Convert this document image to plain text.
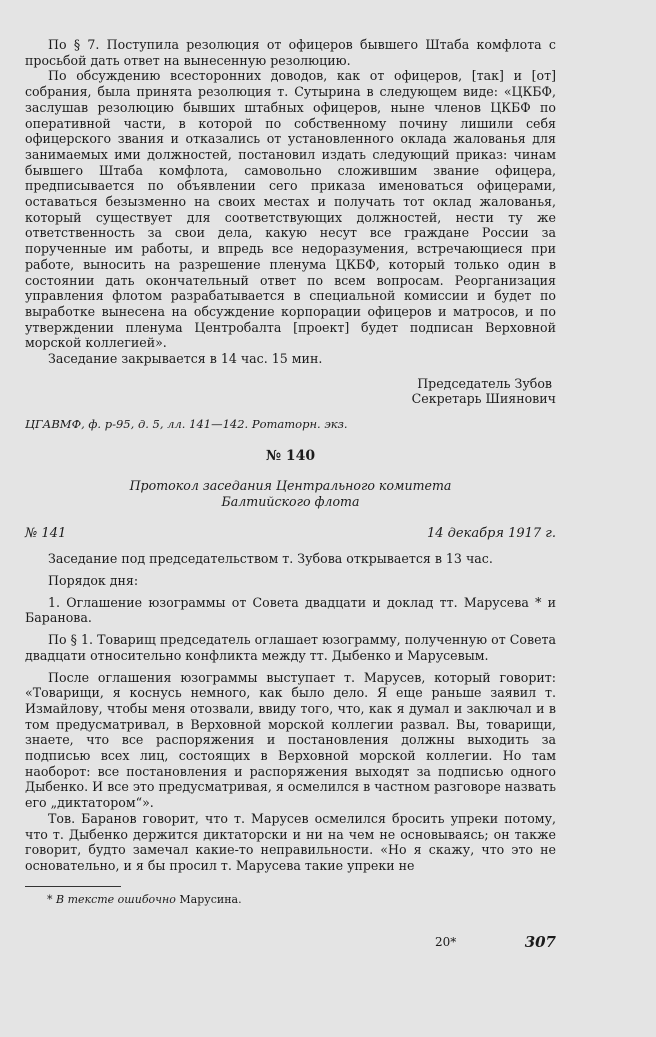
По § 7. Поступила резолюция от офицеров бывшего Штаба комфлота с просьбой дать ответ на вынесенную резолюцию.

По обсуждению всесторонних доводов, как от офицеров, [так] и [от] собрания, была принята резолюция т. Сутырина в следующем виде: «ЦКБФ, заслушав резолюцию бывших штабных офицеров, ныне членов ЦКБФ по оперативной части, в которой по собственному почину лишили себя офицерского звания и отказались от установленного оклада жалованья для занимаемых ими должностей, постановил издать следующий приказ: чинам бывшего Штаба комфлота, самовольно сложившим звание офицера, предписывается по объявлении сего приказа именоваться офицерами, оставаться безызменно на своих местах и получать тот оклад жалованья, который существует для соответствующих должностей, нести ту же ответственность за свои дела, какую несут все граждане России за порученные им работы, и впредь все недоразумения, встречающиеся при работе, выносить на разрешение пленума ЦКБФ, который только один в состоянии дать окончательный ответ по всем вопросам. Реорганизация управления флотом разрабатывается в специальной комиссии и будет по выработке вынесена на обсуждение корпорации офицеров и матросов, и по утверждении пленума Центробалта [проект] будет подписан Верховной морской коллегией».

Заседание закрывается в 14 час. 15 мин.

Председатель Зубов

Секретарь Шиянович

ЦГАВМФ, ф. р-95, д. 5, лл. 141—142. Ротаторн. экз.

№ 140

Протокол заседания Центрального комитета
Балтийского флота
№ 141	14 декабря 1917 г.

Заседание под председательством т. Зубова открывается в 13 час.

Порядок дня:

1. Оглашение юзограммы от Совета двадцати и доклад тт. Марусева * и Баранова.

По § 1. Товарищ председатель оглашает юзограмму, полученную от Совета двадцати относительно конфликта между тт. Дыбенко и Марусевым.

После оглашения юзограммы выступает т. Марусев, который говорит: «Товарищи, я коснусь немного, как было дело. Я еще раньше заявил т. Измайлову, чтобы меня отозвали, ввиду того, что, как я думал и заключал и в том предусматривал, в Верховной морской коллегии развал. Вы, товарищи, знаете, что все распоряжения и постановления должны выходить за подписью всех лиц, состоящих в Верховной морской коллегии. Но там наоборот: все постановления и распоряжения выходят за подписью одного Дыбенко. И все это предусматривая, я осмелился в частном разговоре назвать его „диктатором“».

Тов. Баранов говорит, что т. Марусев осмелился бросить упреки потому, что т. Дыбенко держится диктаторски и ни на чем не основываясь; он также говорит, будто замечал какие-то неправильности. «Но я скажу, что это не основательно, и я бы просил т. Марусева такие упреки не

* В тексте ошибочно Марусина.

20*	307
